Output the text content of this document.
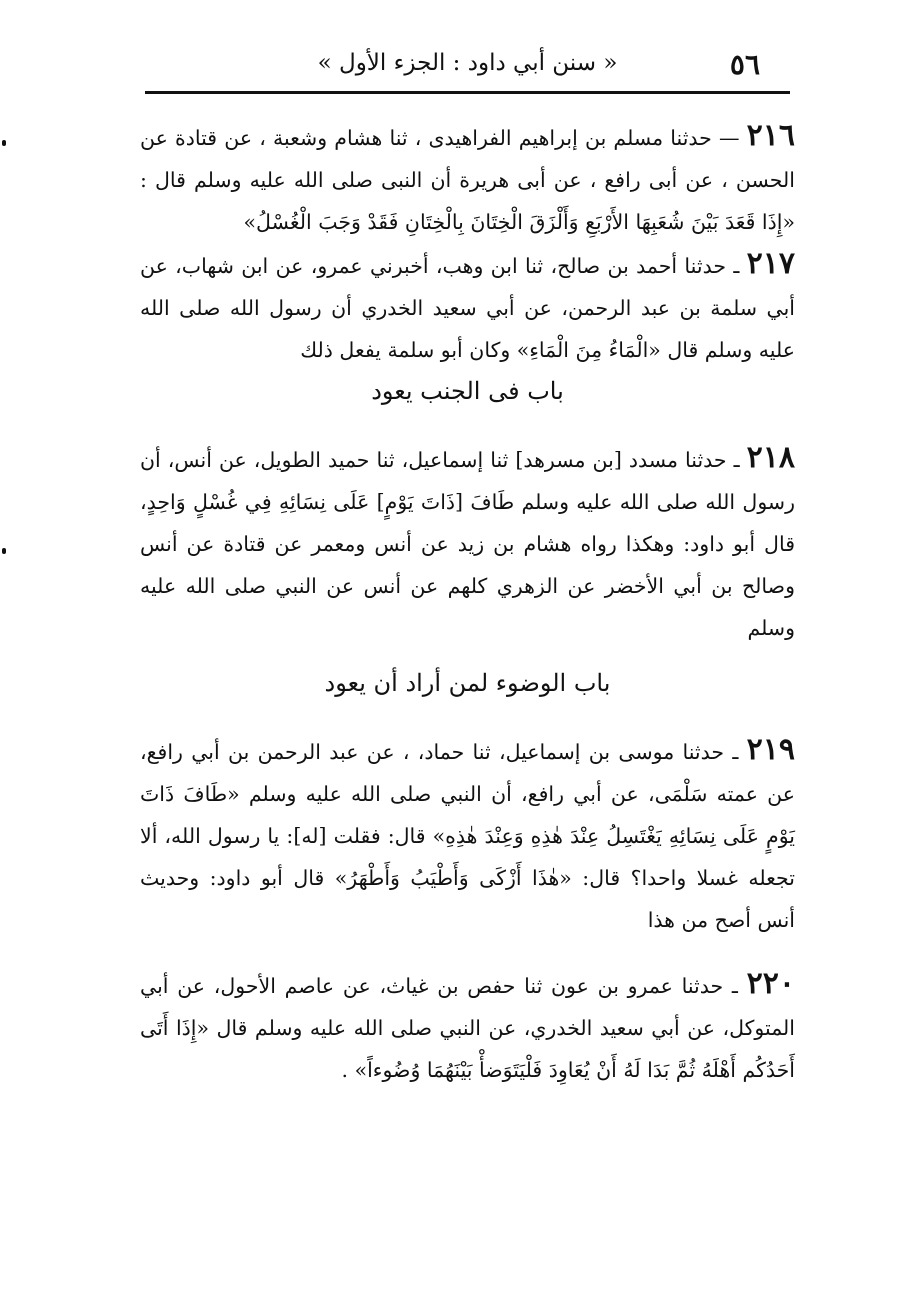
٥٦
« سنن أبي داود : الجزء الأول »

٢١٦ — حدثنا مسلم بن إبراهيم الفراهيدى ، ثنا هشام وشعبة ، عن قتادة عن الحسن ، عن أبى رافع ، عن أبى هريرة أن النبى صلى الله عليه وسلم قال : «إِذَا قَعَدَ بَيْنَ شُعَبِهَا الأَرْبَعِ وَأَلْزَقَ الْخِتَانَ بِالْخِتَانِ فَقَدْ وَجَبَ الْغُسْلُ»

٢١٧ ـ حدثنا أحمد بن صالح، ثنا ابن وهب، أخبرني عمرو، عن ابن شهاب، عن أبي سلمة بن عبد الرحمن، عن أبي سعيد الخدري أن رسول الله صلى الله عليه وسلم قال «الْمَاءُ مِنَ الْمَاءِ» وكان أبو سلمة يفعل ذلك

باب فى الجنب يعود

٢١٨ ـ حدثنا مسدد [بن مسرهد] ثنا إسماعيل، ثنا حميد الطويل، عن أنس، أن رسول الله صلى الله عليه وسلم طَافَ [ذَاتَ يَوْمٍ] عَلَى نِسَائِهِ فِي غُسْلٍ وَاحِدٍ، قال أبو داود: وهكذا رواه هشام بن زيد عن أنس ومعمر عن قتادة عن أنس وصالح بن أبي الأخضر عن الزهري كلهم عن أنس عن النبي صلى الله عليه وسلم

باب الوضوء لمن أراد أن يعود

٢١٩ ـ حدثنا موسى بن إسماعيل، ثنا حماد، ، عن عبد الرحمن بن أبي رافع، عن عمته سَلْمَى، عن أبي رافع، أن النبي صلى الله عليه وسلم «طَافَ ذَاتَ يَوْمٍ عَلَى نِسَائِهِ يَغْتَسِلُ عِنْدَ هٰذِهِ وَعِنْدَ هٰذِهِ» قال: فقلت [له]: يا رسول الله، ألا تجعله غسلا واحدا؟ قال: «هٰذَا أَزْكَى وَأَطْيَبُ وَأَطْهَرُ» قال أبو داود: وحديث أنس أصح من هذا

٢٢٠ ـ حدثنا عمرو بن عون ثنا حفص بن غياث، عن عاصم الأحول، عن أبي المتوكل، عن أبي سعيد الخدري، عن النبي صلى الله عليه وسلم قال «إِذَا أَتَى أَحَدُكُم أَهْلَهُ ثُمَّ بَدَا لَهُ أَنْ يُعَاوِدَ فَلْيَتَوَضأْ بَيْنَهُمَا وُضُوءاً» .
